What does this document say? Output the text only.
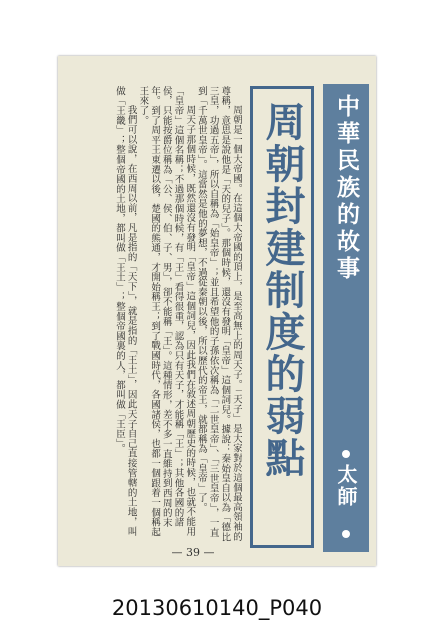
中華民族的故事
太師
周朝封建制度的弱點

周朝是一個大帝國。在這個大帝國的頂上，是至高無上的周天子。「天子」是大家對於這個最高領袖的尊稱，意思是說他是「天的兒子」。那個時候，還沒有發明「皇帝」這個詞兒。據說：秦始皇自以為「德比三皇，功過五帝」，所以自稱為「始皇帝」；並且希望他的子孫依次稱為「二世皇帝」、「三世皇帝」，一直到「千萬世皇帝」。這當然是他的夢想，不過從秦朝以後，所以歷代的帝王，就都稱為「皇帝」了。

周天子那個時候，既然還沒有發明「皇帝」這個詞兒，因此我們在敘述周朝歷史的時候，也就不能用「皇帝」這個名稱；不過那個時候，有「王」看得很重，認為只有天子，才能稱「王」；其他各國的諸侯，只能按爵位稱為「公、侯、伯、子、男」，卻不能稱「王」。這種情形，差不多一直維持到西周的末年。到了周平王東遷以後，楚國的熊通，才開始稱王；到了戰國時代，各國諸侯，也都一個跟着一個稱起王來了。

我們可以說，在西周以前，凡是指的「天下」，就是指的「王土」，因此天子自己直接管轄的土地，叫做「王畿」；整個帝國的土地，都叫做「王土」；整個帝國裏的人，都叫做「王臣」。

— 39 —
20130610140_P040
